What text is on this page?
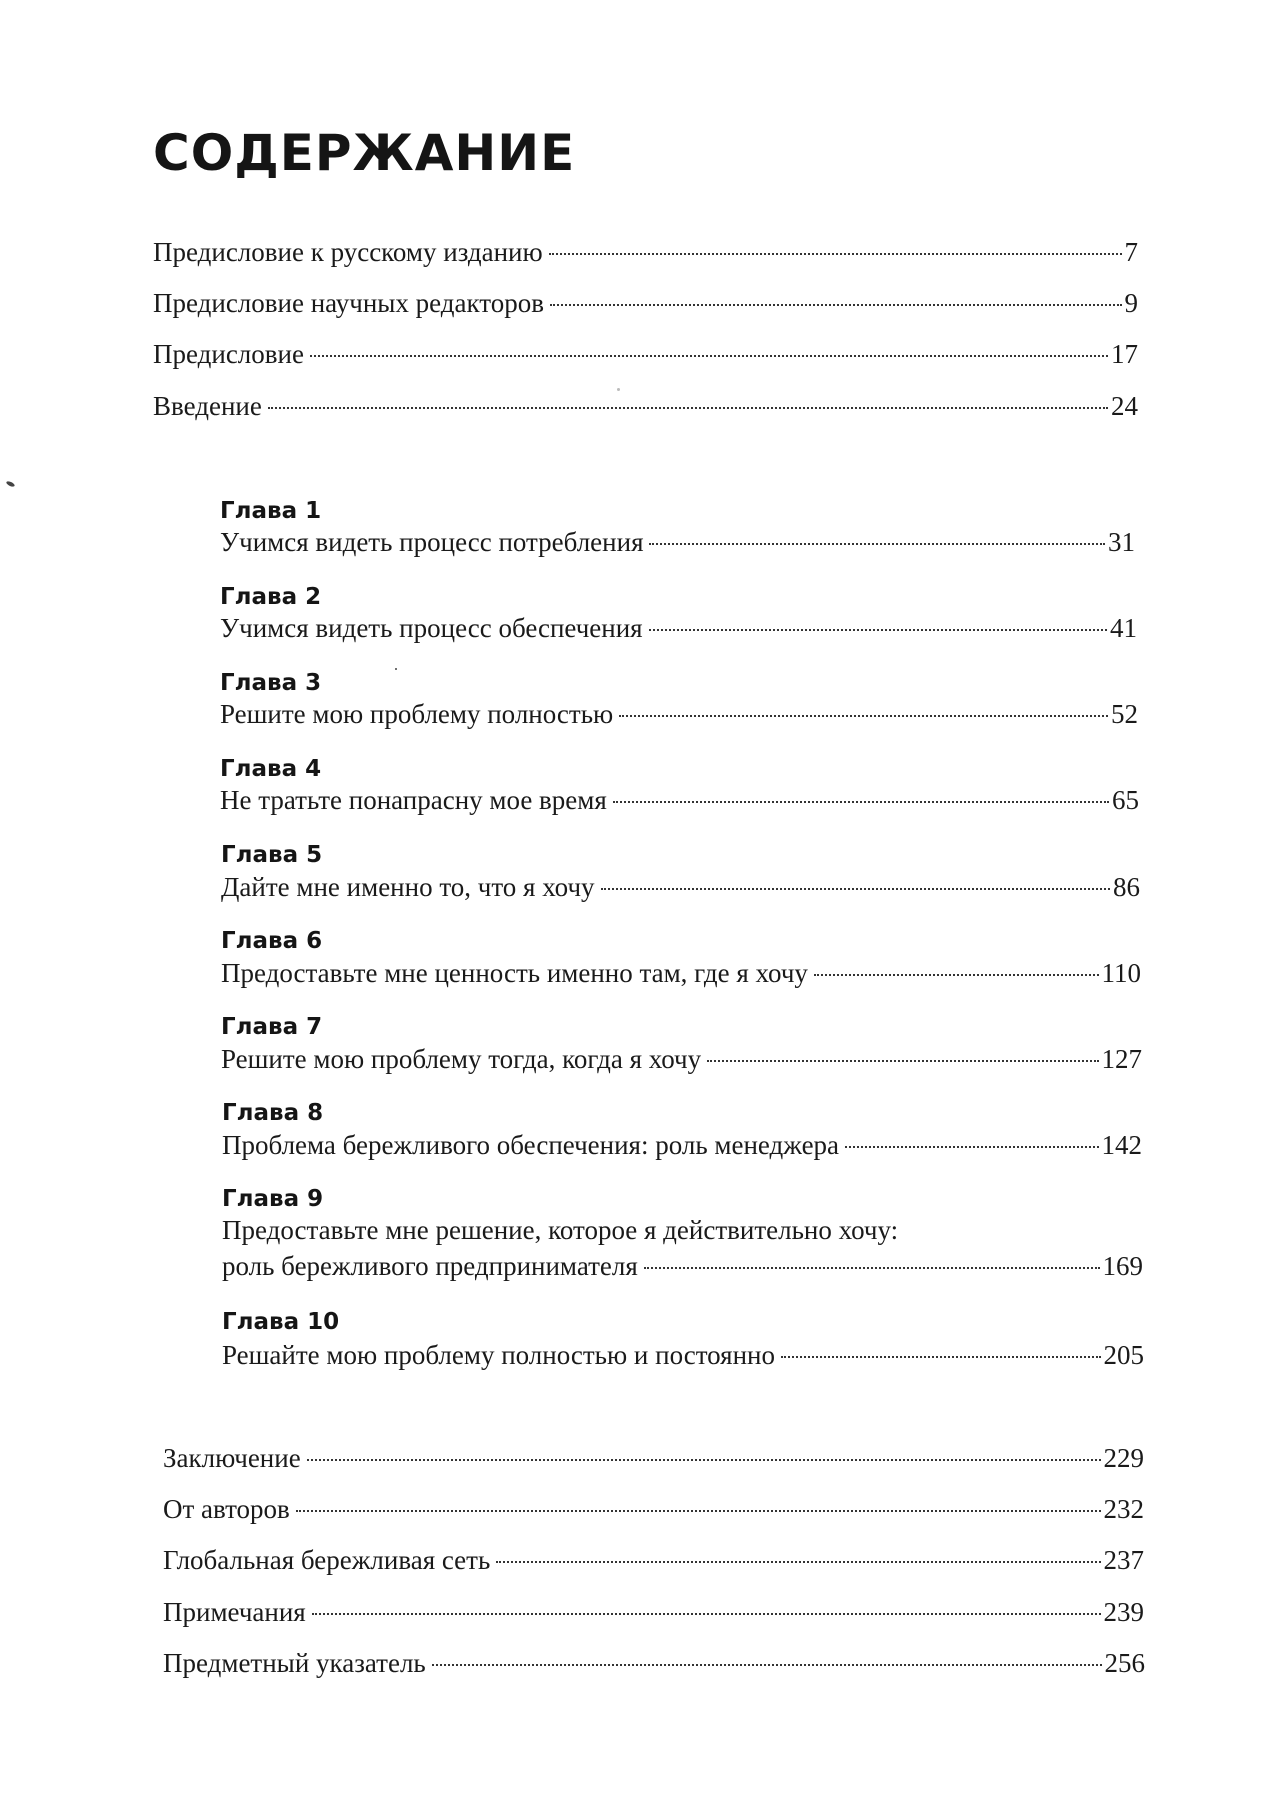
СОДЕРЖАНИЕ
Предисловие к русскому изданию	7
Предисловие научных редакторов	9
Предисловие	17
Введение	24
Глава 1
Учимся видеть процесс потребления	31
Глава 2
Учимся видеть процесс обеспечения	41
Глава 3
Решите мою проблему полностью	52
Глава 4
Не тратьте понапрасну мое время	65
Глава 5
Дайте мне именно то, что я хочу	86
Глава 6
Предоставьте мне ценность именно там, где я хочу	110
Глава 7
Решите мою проблему тогда, когда я хочу	127
Глава 8
Проблема бережливого обеспечения: роль менеджера	142
Глава 9
Предоставьте мне решение, которое я действительно хочу:
роль бережливого предпринимателя	169
Глава 10
Решайте мою проблему полностью и постоянно	205
Заключение	229
От авторов	232
Глобальная бережливая сеть	237
Примечания	239
Предметный указатель	256
